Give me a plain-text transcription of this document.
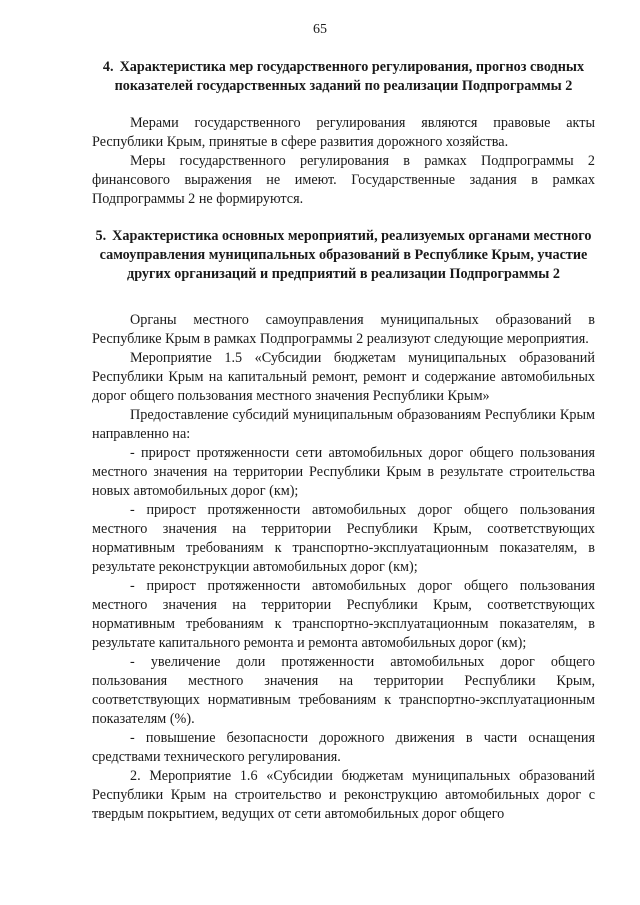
65

4. Характеристика мер государственного регулирования, прогноз сводных показателей государственных заданий по реализации Подпрограммы 2

Мерами государственного регулирования являются правовые акты Республики Крым, принятые в сфере развития дорожного хозяйства.

Меры государственного регулирования в рамках Подпрограммы 2 финансового выражения не имеют. Государственные задания в рамках Подпрограммы 2 не формируются.

5. Характеристика основных мероприятий, реализуемых органами местного самоуправления муниципальных образований в Республике Крым, участие других организаций и предприятий в реализации Подпрограммы 2

Органы местного самоуправления муниципальных образований в Республике Крым в рамках Подпрограммы 2 реализуют следующие мероприятия.

Мероприятие 1.5 «Субсидии бюджетам муниципальных образований Республики Крым на капитальный ремонт, ремонт и содержание автомобильных дорог общего пользования местного значения Республики Крым»

Предоставление субсидий муниципальным образованиям Республики Крым направленно на:

- прирост протяженности сети автомобильных дорог общего пользования местного значения на территории Республики Крым в результате строительства новых автомобильных дорог (км);

- прирост протяженности автомобильных дорог общего пользования местного значения на территории Республики Крым, соответствующих нормативным требованиям к транспортно-эксплуатационным показателям, в результате реконструкции автомобильных дорог (км);

- прирост протяженности автомобильных дорог общего пользования местного значения на территории Республики Крым, соответствующих нормативным требованиям к транспортно-эксплуатационным показателям, в результате капитального ремонта и ремонта автомобильных дорог (км);

- увеличение доли протяженности автомобильных дорог общего пользования местного значения на территории Республики Крым, соответствующих нормативным требованиям к транспортно-эксплуатационным показателям (%).

- повышение безопасности дорожного движения в части оснащения средствами технического регулирования.

2. Мероприятие 1.6 «Субсидии бюджетам муниципальных образований Республики Крым на строительство и реконструкцию автомобильных дорог с твердым покрытием, ведущих от сети автомобильных дорог общего
